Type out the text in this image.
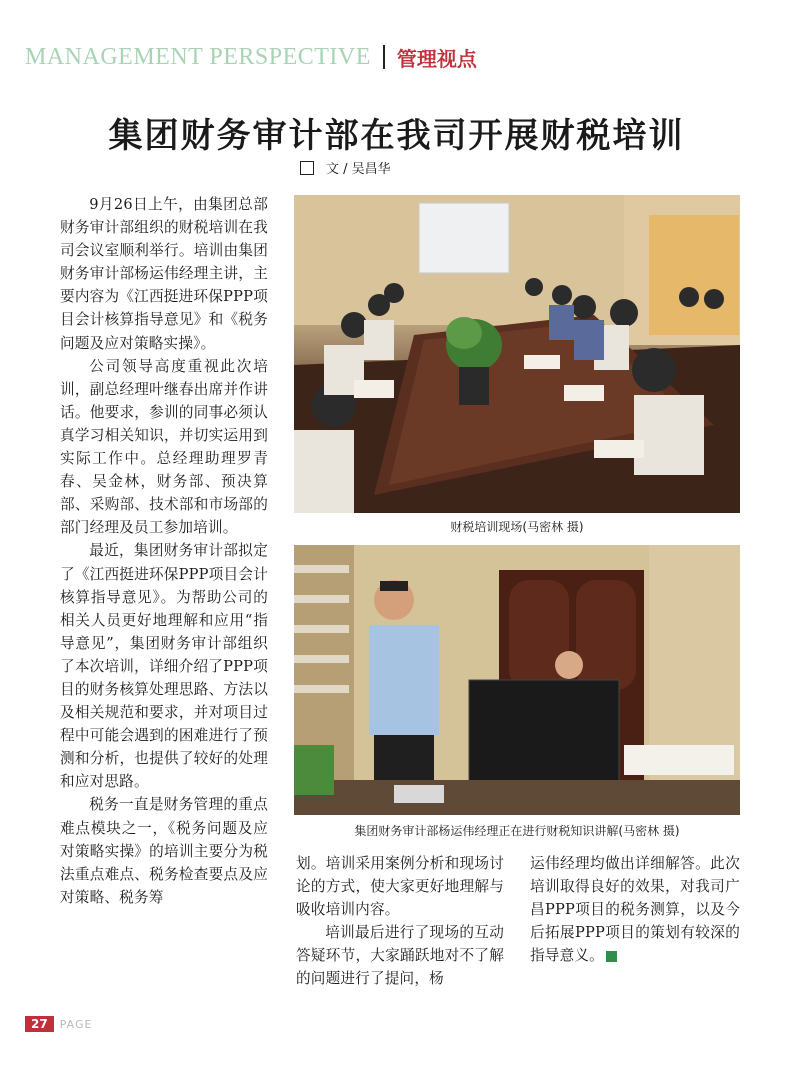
MANAGEMENT PERSPECTIVE 管理视点
集团财务审计部在我司开展财税培训
文 / 吴昌华

9月26日上午，由集团总部财务审计部组织的财税培训在我司会议室顺利举行。培训由集团财务审计部杨运伟经理主讲，主要内容为《江西挺进环保PPP项目会计核算指导意见》和《税务问题及应对策略实操》。

公司领导高度重视此次培训，副总经理叶继春出席并作讲话。他要求，参训的同事必须认真学习相关知识，并切实运用到实际工作中。总经理助理罗青春、吴金林，财务部、预决算部、采购部、技术部和市场部的部门经理及员工参加培训。

最近，集团财务审计部拟定了《江西挺进环保PPP项目会计核算指导意见》。为帮助公司的相关人员更好地理解和应用“指导意见”，集团财务审计部组织了本次培训，详细介绍了PPP项目的财务核算处理思路、方法以及相关规范和要求，并对项目过程中可能会遇到的困难进行了预测和分析，也提供了较好的处理和应对思路。

税务一直是财务管理的重点难点模块之一，《税务问题及应对策略实操》的培训主要分为税法重点难点、税务检查要点及应对策略、税务筹

财税培训现场(马密林 摄)
集团财务审计部杨运伟经理正在进行财税知识讲解(马密林 摄)

划。培训采用案例分析和现场讨论的方式，使大家更好地理解与吸收培训内容。

培训最后进行了现场的互动答疑环节，大家踊跃地对不了解的问题进行了提问，杨

运伟经理均做出详细解答。此次培训取得良好的效果，对我司广昌PPP项目的税务测算，以及今后拓展PPP项目的策划有较深的指导意义。

27	PAGE
